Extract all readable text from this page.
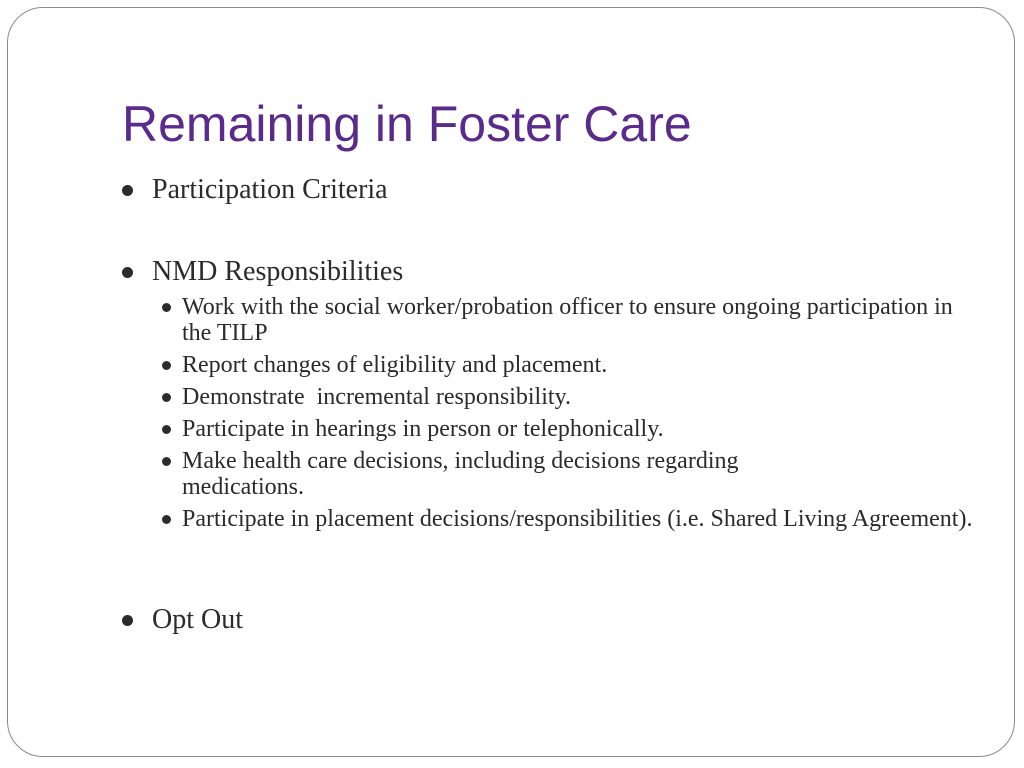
Remaining in Foster Care
Participation Criteria
NMD Responsibilities
Work with the social worker/probation officer to ensure ongoing participation in the TILP
Report changes of eligibility and placement.
Demonstrate  incremental responsibility.
Participate in hearings in person or telephonically.
Make health care decisions, including decisions regarding medications.
Participate in placement decisions/responsibilities (i.e. Shared Living Agreement).
Opt Out
